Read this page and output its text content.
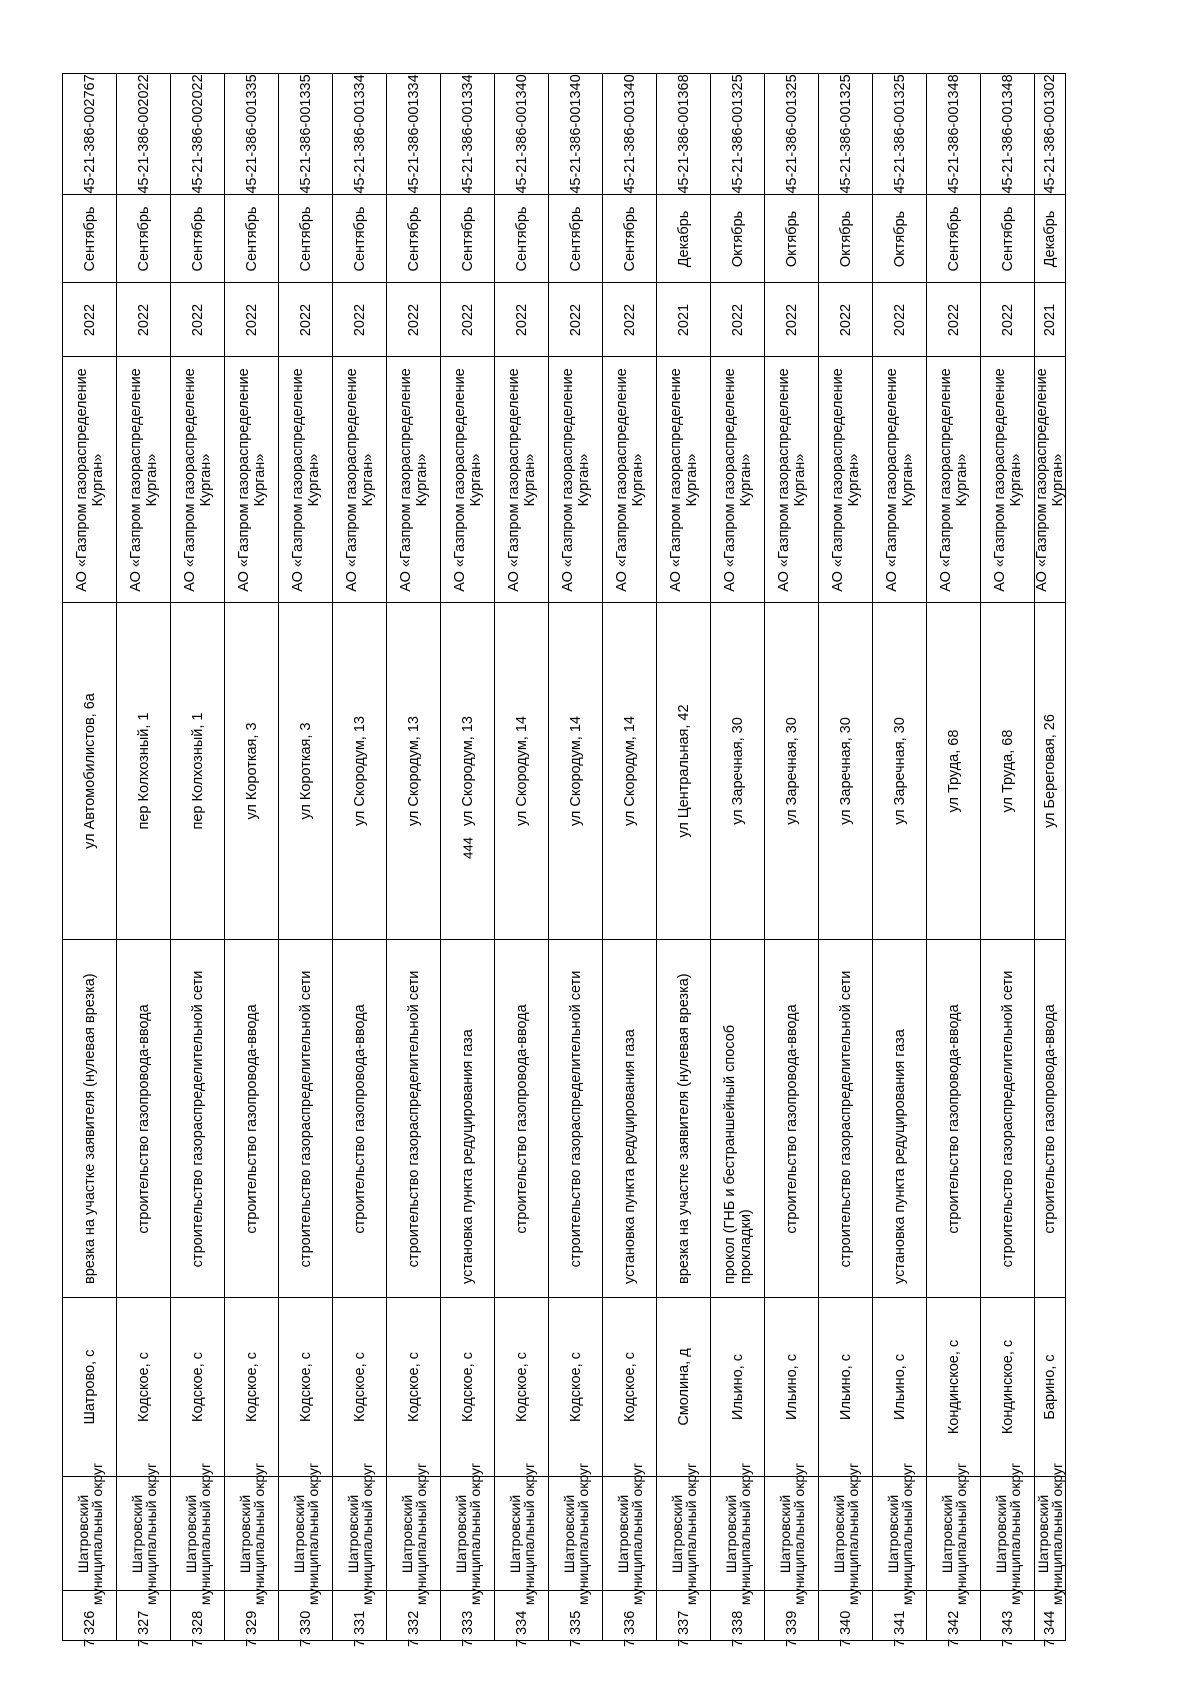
444
45-21-386-002767
Сентябрь
2022
АО «Газпром газораспределение Курган»
ул Автомобилистов, 6а
врезка на участке заявителя (нулевая врезка)
Шатрово, с
Шатровский муниципальный округ
7 326
45-21-386-002022
Сентябрь
2022
АО «Газпром газораспределение Курган»
пер Колхозный, 1
строительство газопровода-ввода
Кодское, с
Шатровский муниципальный округ
7 327
45-21-386-002022
Сентябрь
2022
АО «Газпром газораспределение Курган»
пер Колхозный, 1
строительство газораспределительной сети
Кодское, с
Шатровский муниципальный округ
7 328
45-21-386-001335
Сентябрь
2022
АО «Газпром газораспределение Курган»
ул Короткая, 3
строительство газопровода-ввода
Кодское, с
Шатровский муниципальный округ
7 329
45-21-386-001335
Сентябрь
2022
АО «Газпром газораспределение Курган»
ул Короткая, 3
строительство газораспределительной сети
Кодское, с
Шатровский муниципальный округ
7 330
45-21-386-001334
Сентябрь
2022
АО «Газпром газораспределение Курган»
ул Скородум, 13
строительство газопровода-ввода
Кодское, с
Шатровский муниципальный округ
7 331
45-21-386-001334
Сентябрь
2022
АО «Газпром газораспределение Курган»
ул Скородум, 13
строительство газораспределительной сети
Кодское, с
Шатровский муниципальный округ
7 332
45-21-386-001334
Сентябрь
2022
АО «Газпром газораспределение Курган»
ул Скородум, 13
установка пункта редуцирования газа
Кодское, с
Шатровский муниципальный округ
7 333
45-21-386-001340
Сентябрь
2022
АО «Газпром газораспределение Курган»
ул Скородум, 14
строительство газопровода-ввода
Кодское, с
Шатровский муниципальный округ
7 334
45-21-386-001340
Сентябрь
2022
АО «Газпром газораспределение Курган»
ул Скородум, 14
строительство газораспределительной сети
Кодское, с
Шатровский муниципальный округ
7 335
45-21-386-001340
Сентябрь
2022
АО «Газпром газораспределение Курган»
ул Скородум, 14
установка пункта редуцирования газа
Кодское, с
Шатровский муниципальный округ
7 336
45-21-386-001368
Декабрь
2021
АО «Газпром газораспределение Курган»
ул Центральная, 42
врезка на участке заявителя (нулевая врезка)
Смолина, д
Шатровский муниципальный округ
7 337
45-21-386-001325
Октябрь
2022
АО «Газпром газораспределение Курган»
ул Заречная, 30
прокол (ГНБ и бестраншейный способ прокладки)
Ильино, с
Шатровский муниципальный округ
7 338
45-21-386-001325
Октябрь
2022
АО «Газпром газораспределение Курган»
ул Заречная, 30
строительство газопровода-ввода
Ильино, с
Шатровский муниципальный округ
7 339
45-21-386-001325
Октябрь
2022
АО «Газпром газораспределение Курган»
ул Заречная, 30
строительство газораспределительной сети
Ильино, с
Шатровский муниципальный округ
7 340
45-21-386-001325
Октябрь
2022
АО «Газпром газораспределение Курган»
ул Заречная, 30
установка пункта редуцирования газа
Ильино, с
Шатровский муниципальный округ
7 341
45-21-386-001348
Сентябрь
2022
АО «Газпром газораспределение Курган»
ул Труда, 68
строительство газопровода-ввода
Кондинское, с
Шатровский муниципальный округ
7 342
45-21-386-001348
Сентябрь
2022
АО «Газпром газораспределение Курган»
ул Труда, 68
строительство газораспределительной сети
Кондинское, с
Шатровский муниципальный округ
7 343
45-21-386-001302
Декабрь
2021
АО «Газпром газораспределение Курган»
ул Береговая, 26
строительство газопровода-ввода
Барино, с
Шатровский муниципальный округ
7 344
